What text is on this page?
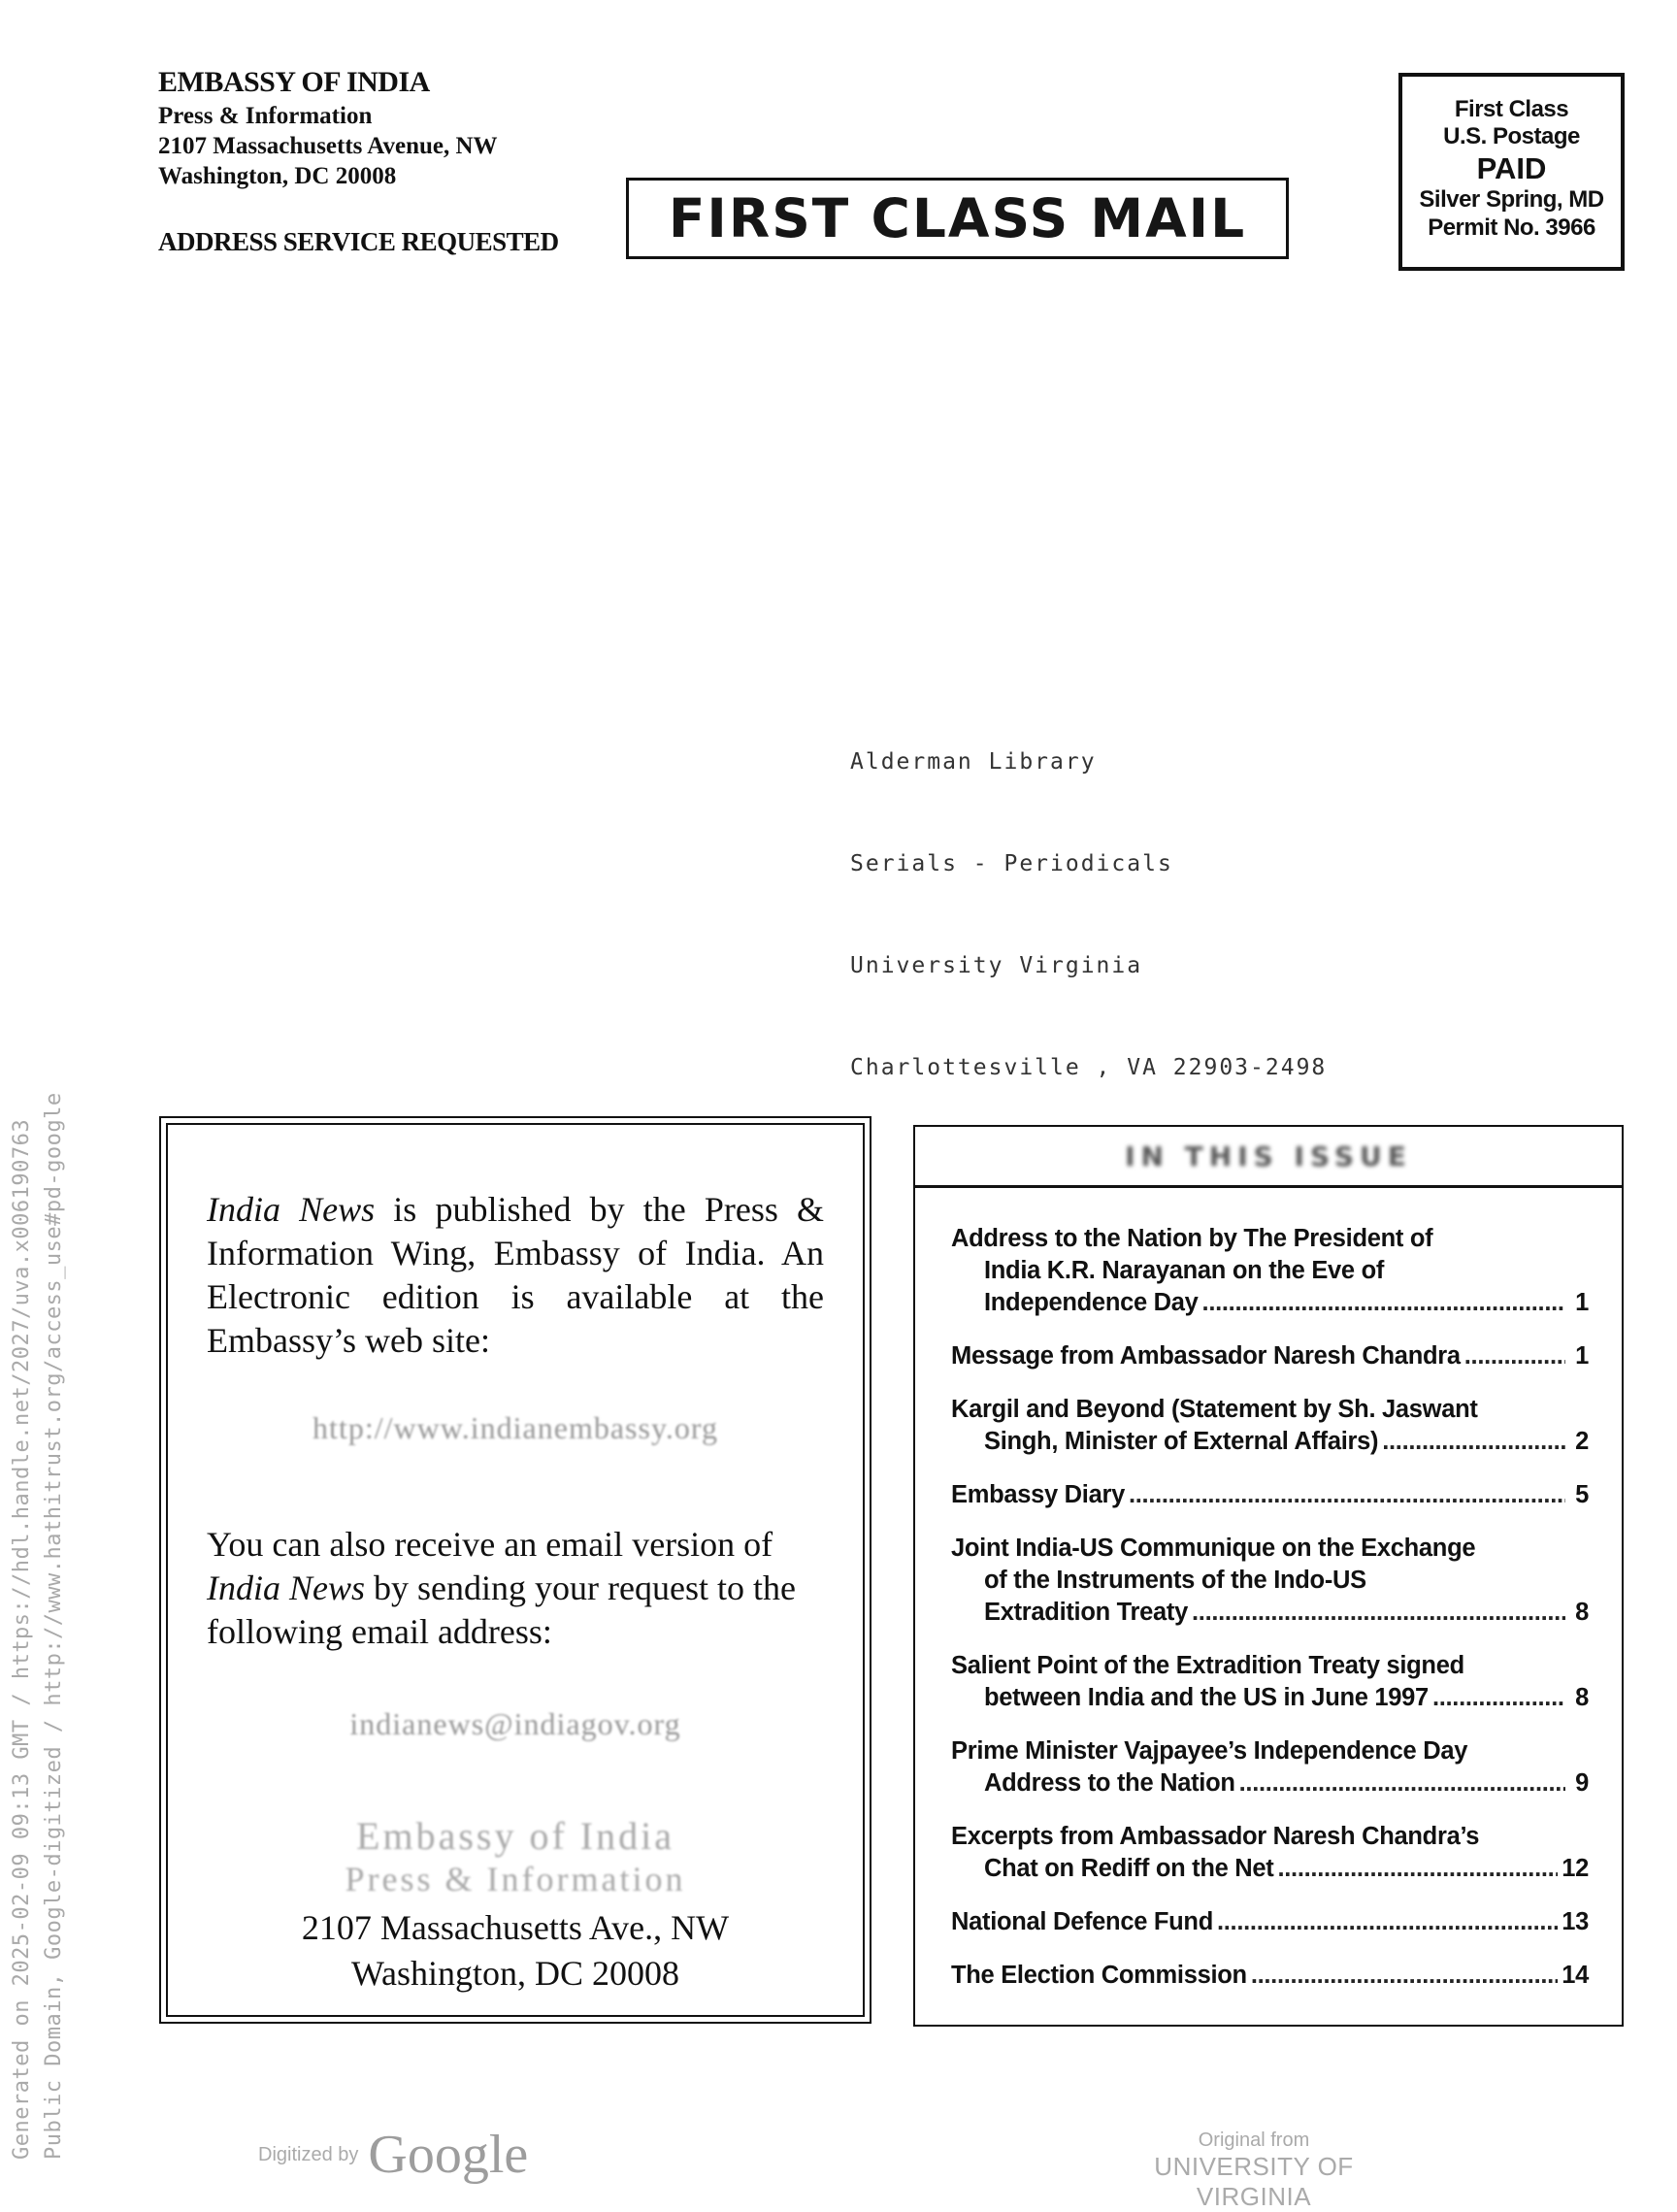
EMBASSY OF INDIA
Press & Information
2107 Massachusetts Avenue, NW
Washington, DC 20008
ADDRESS SERVICE REQUESTED FIRST CLASS MAIL
First Class
U.S. Postage
PAID
Silver Spring, MD
Permit No. 3966

Alderman Library

Serials - Periodicals

University Virginia

Charlottesville , VA 22903-2498

India News is published by the Press & Information Wing, Embassy of India. An Electronic edition is available at the Embassy’s web site:

http://www.indianembassy.org

You can also receive an email version of India News by sending your request to the following email address:

indianews@indiagov.org
Embassy of India
Press & Information
2107 Massachusetts Ave., NW
Washington, DC 20008
IN THIS ISSUE
Address to the Nation by The President of
India K.R. Narayanan on the Eve of
Independence Day .....	1
Message from Ambassador Naresh Chandra .....	1
Kargil and Beyond (Statement by Sh. Jaswant
Singh, Minister of External Affairs) .....	2
Embassy Diary .....	5
Joint India-US Communique on the Exchange
of the Instruments of the Indo-US
Extradition Treaty .....	8
Salient Point of the Extradition Treaty signed
between India and the US in June 1997 .....	8
Prime Minister Vajpayee’s Independence Day
Address to the Nation .....	9
Excerpts from Ambassador Naresh Chandra’s
Chat on Rediff on the Net .....	12
National Defence Fund .....	13
The Election Commission .....	14
Generated on 2025-02-09 09:13 GMT / https://hdl.handle.net/2027/uva.x006190763 Public Domain, Google-digitized / http://www.hathitrust.org/access_use#pd-google	Digitized by Google	Original from
UNIVERSITY OF VIRGINIA
